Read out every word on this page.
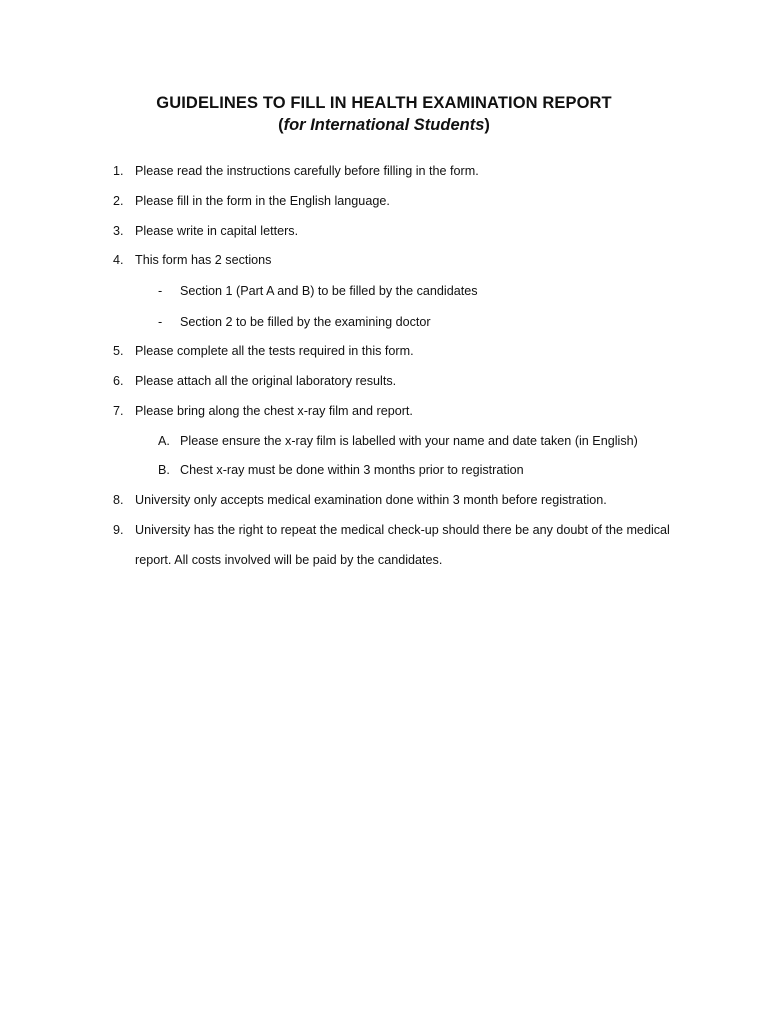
GUIDELINES TO FILL IN HEALTH EXAMINATION REPORT
(for International Students)
1. Please read the instructions carefully before filling in the form.
2. Please fill in the form in the English language.
3. Please write in capital letters.
4. This form has 2 sections
-	Section 1 (Part A and B) to be filled by the candidates
-	Section 2 to be filled by the examining doctor
5. Please complete all the tests required in this form.
6. Please attach all the original laboratory results.
7. Please bring along the chest x-ray film and report.
A. Please ensure the x-ray film is labelled with your name and date taken (in English)
B. Chest x-ray must be done within 3 months prior to registration
8. University only accepts medical examination done within 3 month before registration.
9. University has the right to repeat the medical check-up should there be any doubt of the medical
report. All costs involved will be paid by the candidates.
